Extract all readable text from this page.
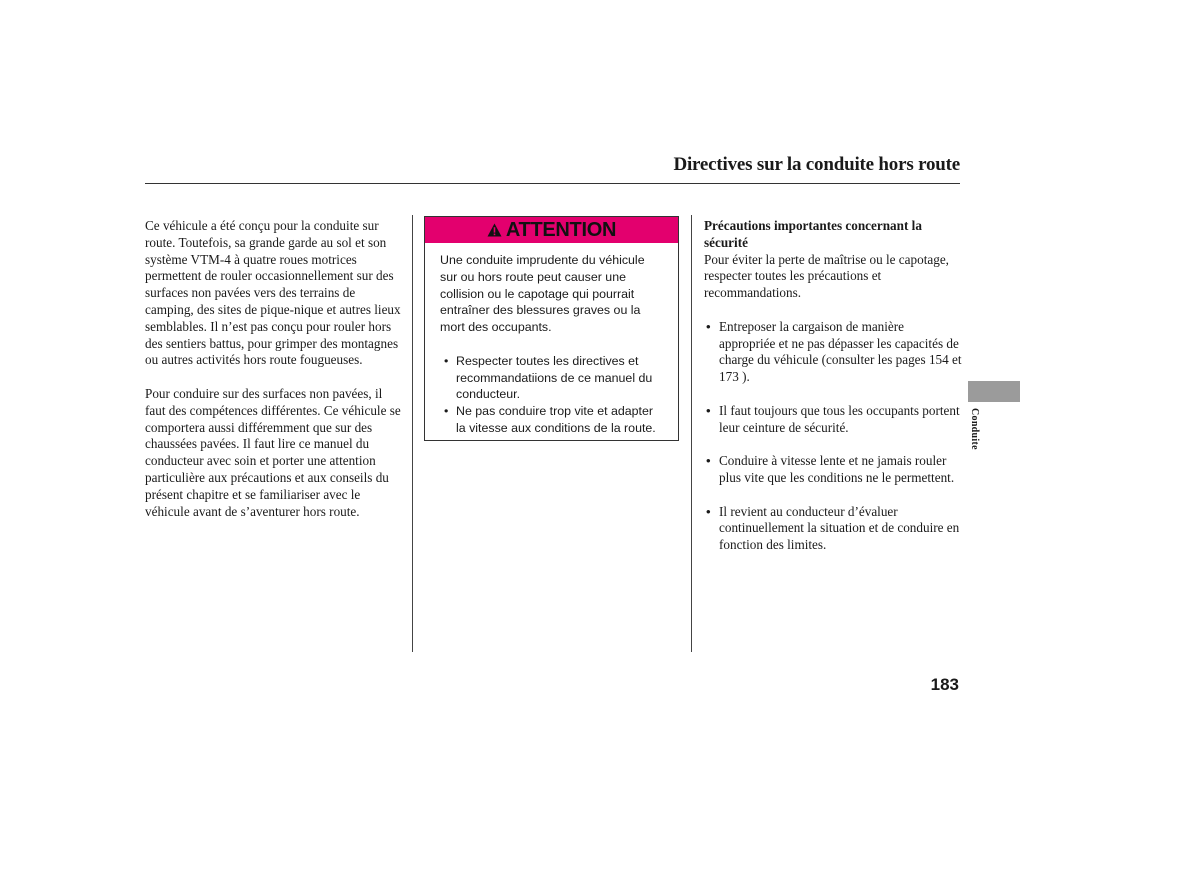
Directives sur la conduite hors route

Ce véhicule a été conçu pour la conduite sur route. Toutefois, sa grande garde au sol et son système VTM-4 à quatre roues motrices permettent de rouler occasionnellement sur des surfaces non pavées vers des terrains de camping, des sites de pique-nique et autres lieux semblables. Il n’est pas conçu pour rouler hors des sentiers battus, pour grimper des montagnes ou autres activités hors route fougueuses.

Pour conduire sur des surfaces non pavées, il faut des compétences différentes. Ce véhicule se comportera aussi différemment que sur des chaussées pavées. Il faut lire ce manuel du conducteur avec soin et porter une attention particulière aux précautions et aux conseils du présent chapitre et se familiariser avec le véhicule avant de s’aventurer hors route.

ATTENTION

Une conduite imprudente du véhicule sur ou hors route peut causer une collision ou le capotage qui pourrait entraîner des blessures graves ou la mort des occupants.

• Respecter toutes les directives et recommandatiions de ce manuel du conducteur.
• Ne pas conduire trop vite et adapter la vitesse aux conditions de la route.
Précautions importantes concernant la sécurité

Pour éviter la perte de maîtrise ou le capotage, respecter toutes les précautions et recommandations.

• Entreposer la cargaison de manière appropriée et ne pas dépasser les capacités de charge du véhicule (consulter les pages 154 et 173 ).
• Il faut toujours que tous les occupants portent leur ceinture de sécurité.
• Conduire à vitesse lente et ne jamais rouler plus vite que les conditions ne le permettent.
• Il revient au conducteur d’évaluer continuellement la situation et de conduire en fonction des limites.
Conduite
183
